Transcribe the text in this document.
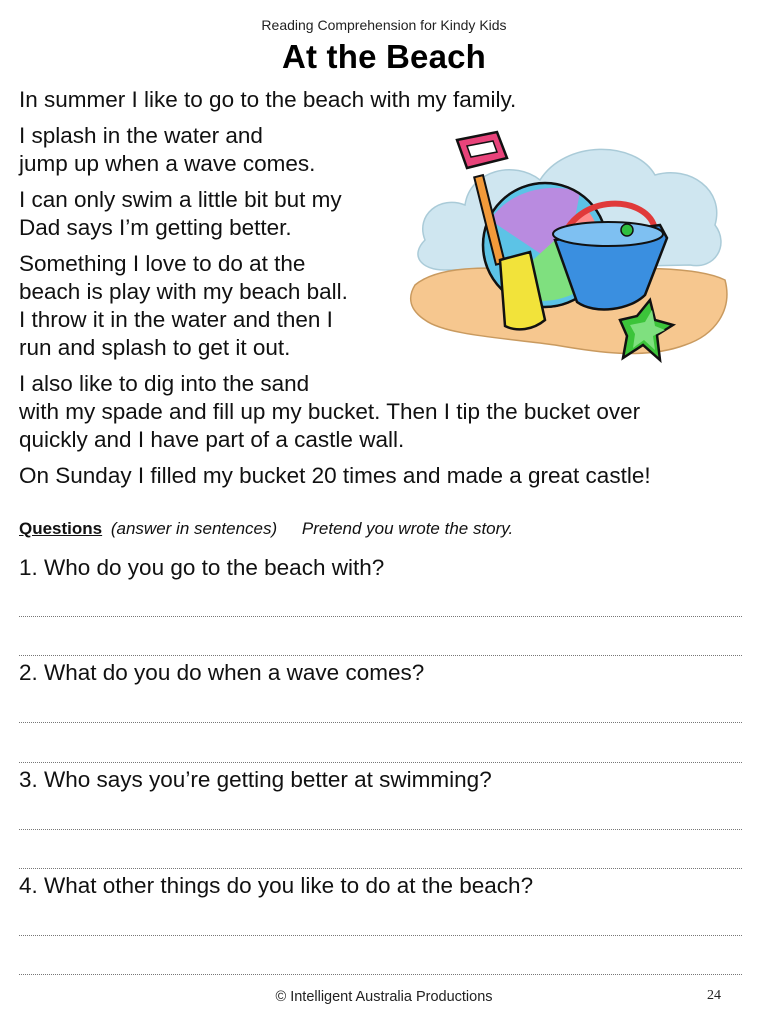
Reading Comprehension for Kindy Kids
At the Beach

In summer I like to go to the beach with my family.

I splash in the water and
jump up when a wave comes.

I can only swim a little bit but my
Dad says I’m getting better.

Something I love to do at the
beach is play with my beach ball.
I throw it in the water and then I
run and splash to get it out.

I also like to dig into the sand
with my spade and fill up my bucket. Then I tip the bucket over
quickly and I have part of a castle wall.

On Sunday I filled my bucket 20 times and made a great castle!

Questions (answer in sentences) Pretend you wrote the story.
1. Who do you go to the beach with?
2. What do you do when a wave comes?
3. Who says you’re getting better at swimming?
4. What other things do you like to do at the beach?
© Intelligent Australia Productions	24
